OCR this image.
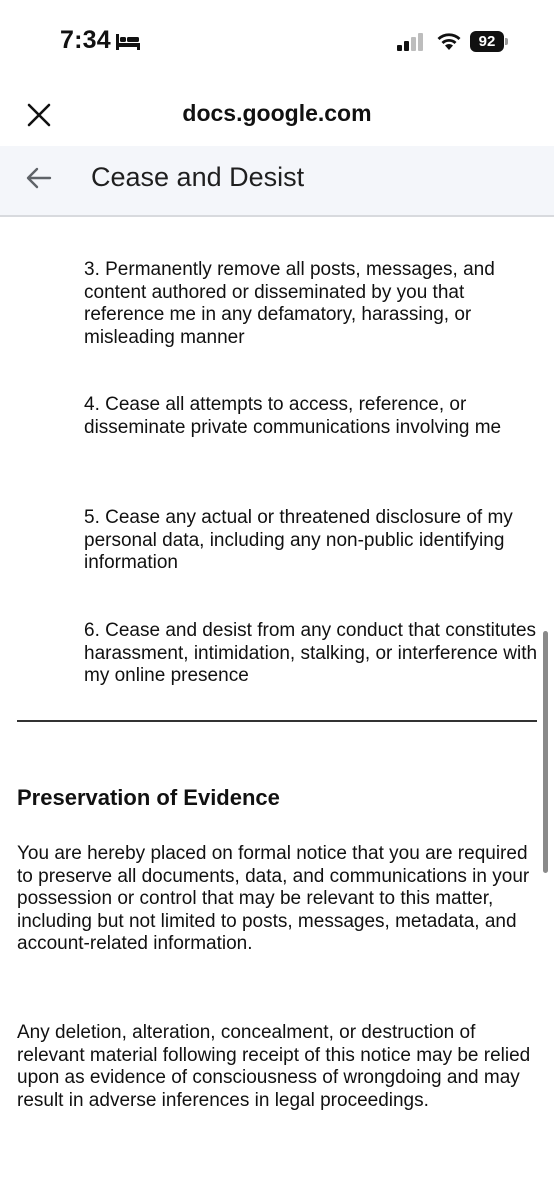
7:34	92
docs.google.com
Cease and Desist
3. Permanently remove all posts, messages, and content authored or disseminated by you that reference me in any defamatory, harassing, or misleading manner
4. Cease all attempts to access, reference, or disseminate private communications involving me
5. Cease any actual or threatened disclosure of my personal data, including any non-public identifying information
6. Cease and desist from any conduct that constitutes harassment, intimidation, stalking, or interference with my online presence
Preservation of Evidence
You are hereby placed on formal notice that you are required to preserve all documents, data, and communications in your possession or control that may be relevant to this matter, including but not limited to posts, messages, metadata, and account-related information.
Any deletion, alteration, concealment, or destruction of relevant material following receipt of this notice may be relied upon as evidence of consciousness of wrongdoing and may result in adverse inferences in legal proceedings.
